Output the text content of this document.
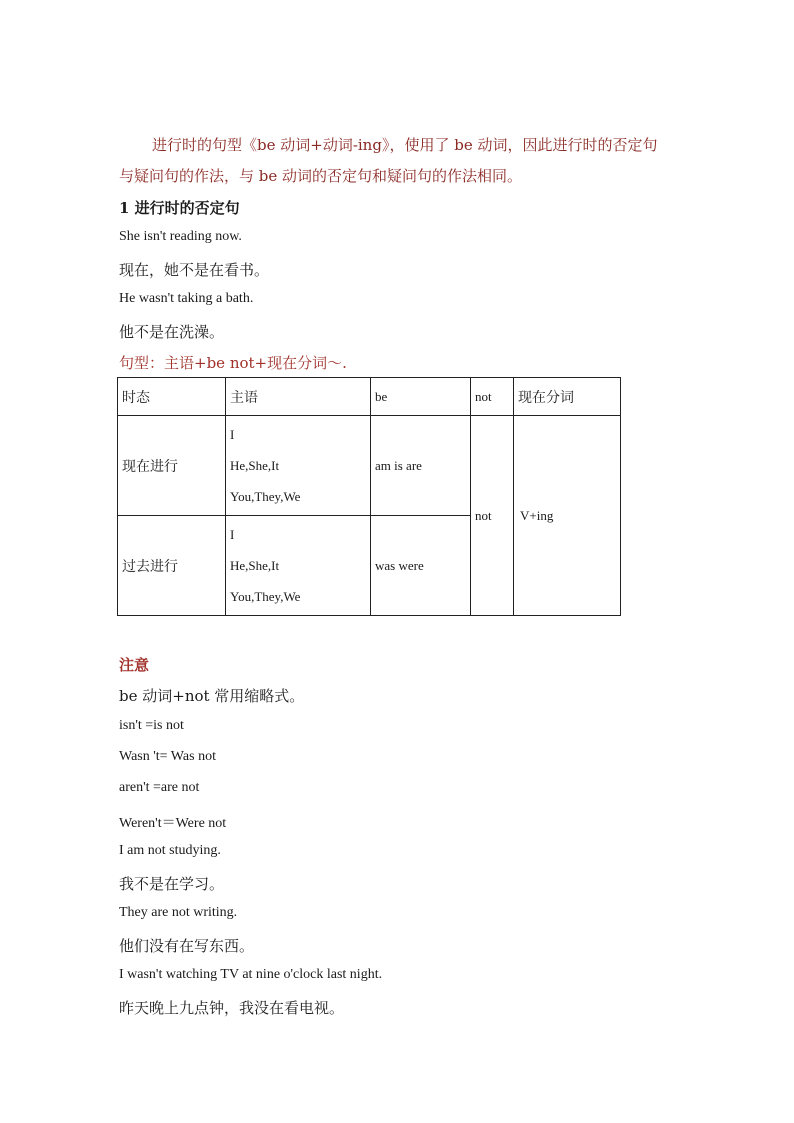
进行时的句型《be 动词+动词-ing》，使用了 be 动词，因此进行时的否定句
与疑问句的作法，与 be 动词的否定句和疑问句的作法相同。
1 进行时的否定句
She isn't reading now.
现在，她不是在看书。
He wasn't taking a bath.
他不是在洗澡。
句型：主语+be not+现在分词～.
时态	主语	be	not	现在分词
现在进行	I
He,She,It
You,They,We	am is are	not	V+ing
过去进行	I
He,She,It
You,They,We	was were		
注意
be 动词+not 常用缩略式。
isn't =is not
Wasn 't= Was not
aren't =are not
Weren't＝Were not
I am not studying.
我不是在学习。
They are not writing.
他们没有在写东西。
I wasn't watching TV at nine o'clock last night.
昨天晚上九点钟，我没在看电视。
